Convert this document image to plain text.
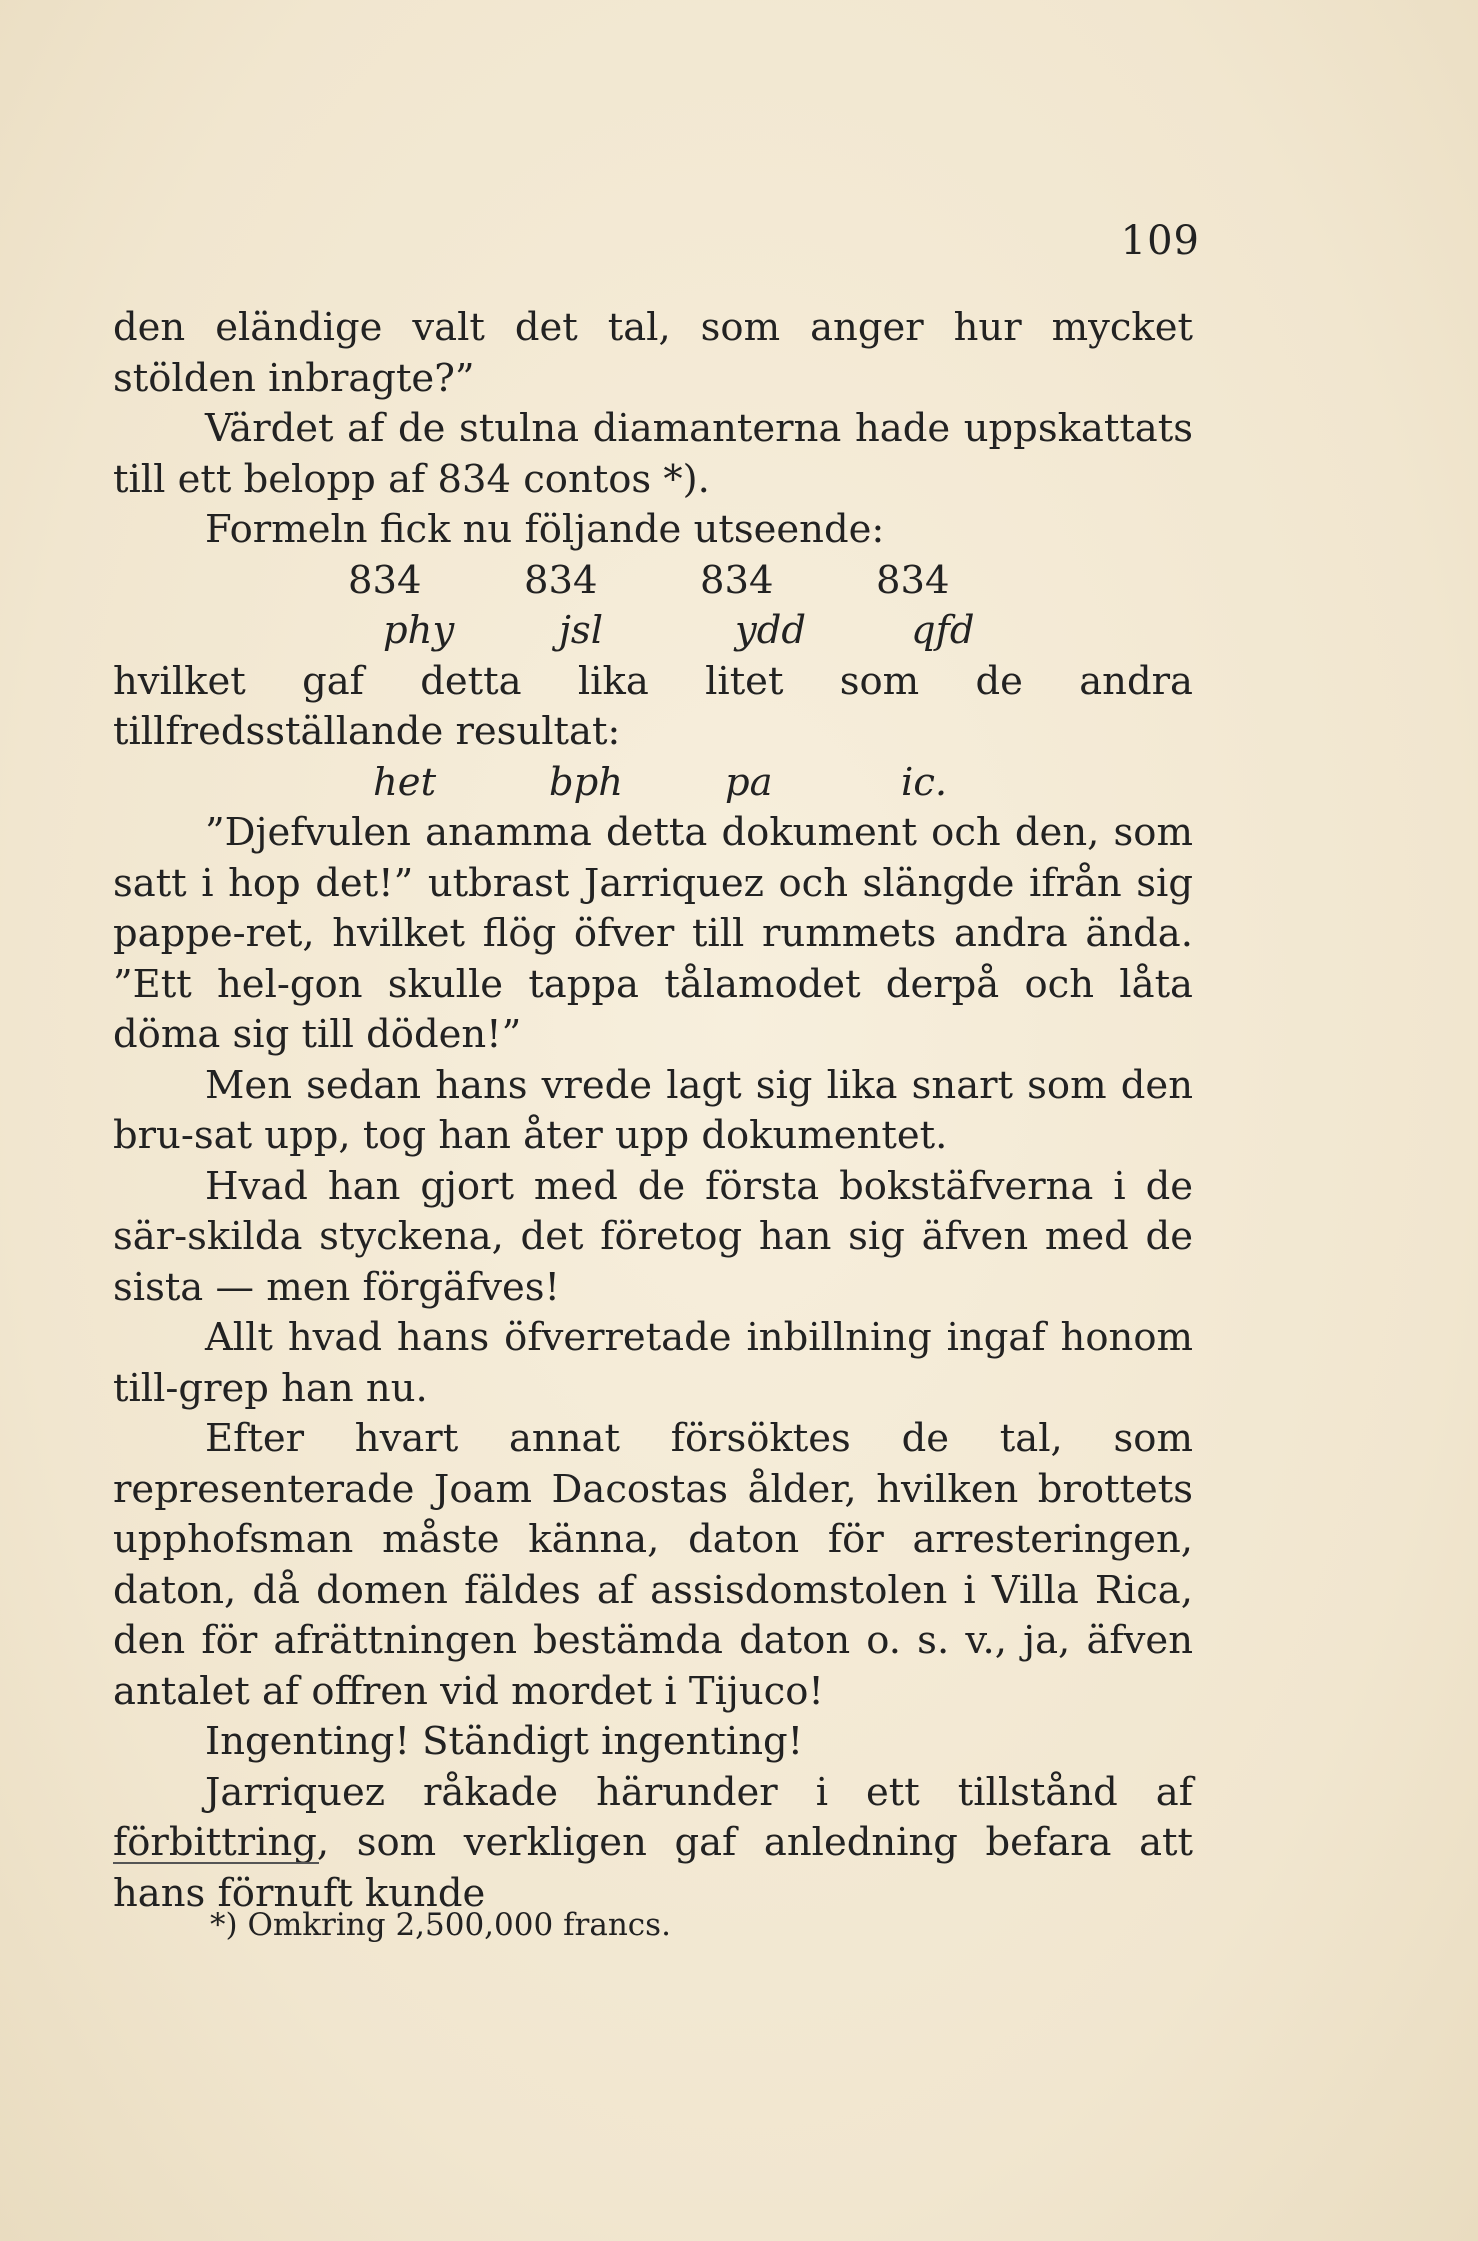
109

den eländige valt det tal, som anger hur mycket stölden inbragte?”

Värdet af de stulna diamanterna hade uppskattats till ett belopp af 834 contos *).

Formeln fick nu följande utseende:

834	834	834	834
phy	jsl	ydd	qfd

hvilket gaf detta lika litet som de andra tillfredsställande resultat:

het	bph	pa	ic.

”Djefvulen anamma detta dokument och den, som satt i hop det!” utbrast Jarriquez och slängde ifrån sig pappe-ret, hvilket flög öfver till rummets andra ända. ”Ett hel-gon skulle tappa tålamodet derpå och låta döma sig till döden!”

Men sedan hans vrede lagt sig lika snart som den bru-sat upp, tog han åter upp dokumentet.

Hvad han gjort med de första bokstäfverna i de sär-skilda styckena, det företog han sig äfven med de sista — men förgäfves!

Allt hvad hans öfverretade inbillning ingaf honom till-grep han nu.

Efter hvart annat försöktes de tal, som representerade Joam Dacostas ålder, hvilken brottets upphofsman måste känna, daton för arresteringen, daton, då domen fäldes af assisdomstolen i Villa Rica, den för afrättningen bestämda daton o. s. v., ja, äfven antalet af offren vid mordet i Tijuco!

Ingenting! Ständigt ingenting!

Jarriquez råkade härunder i ett tillstånd af förbittring, som verkligen gaf anledning befara att hans förnuft kunde

*) Omkring 2,500,000 francs.
